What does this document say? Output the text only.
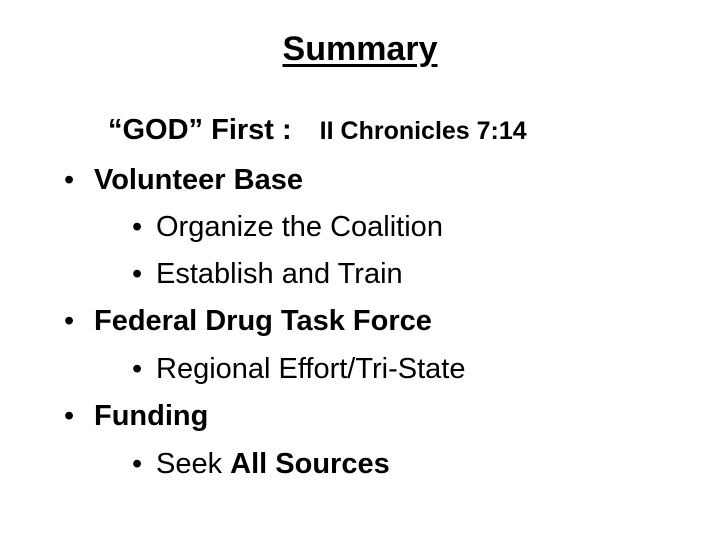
Summary
“GOD” First : II Chronicles 7:14
• Volunteer Base
• Organize the Coalition
• Establish and Train
• Federal Drug Task Force
• Regional Effort/Tri-State
• Funding
• Seek All Sources
